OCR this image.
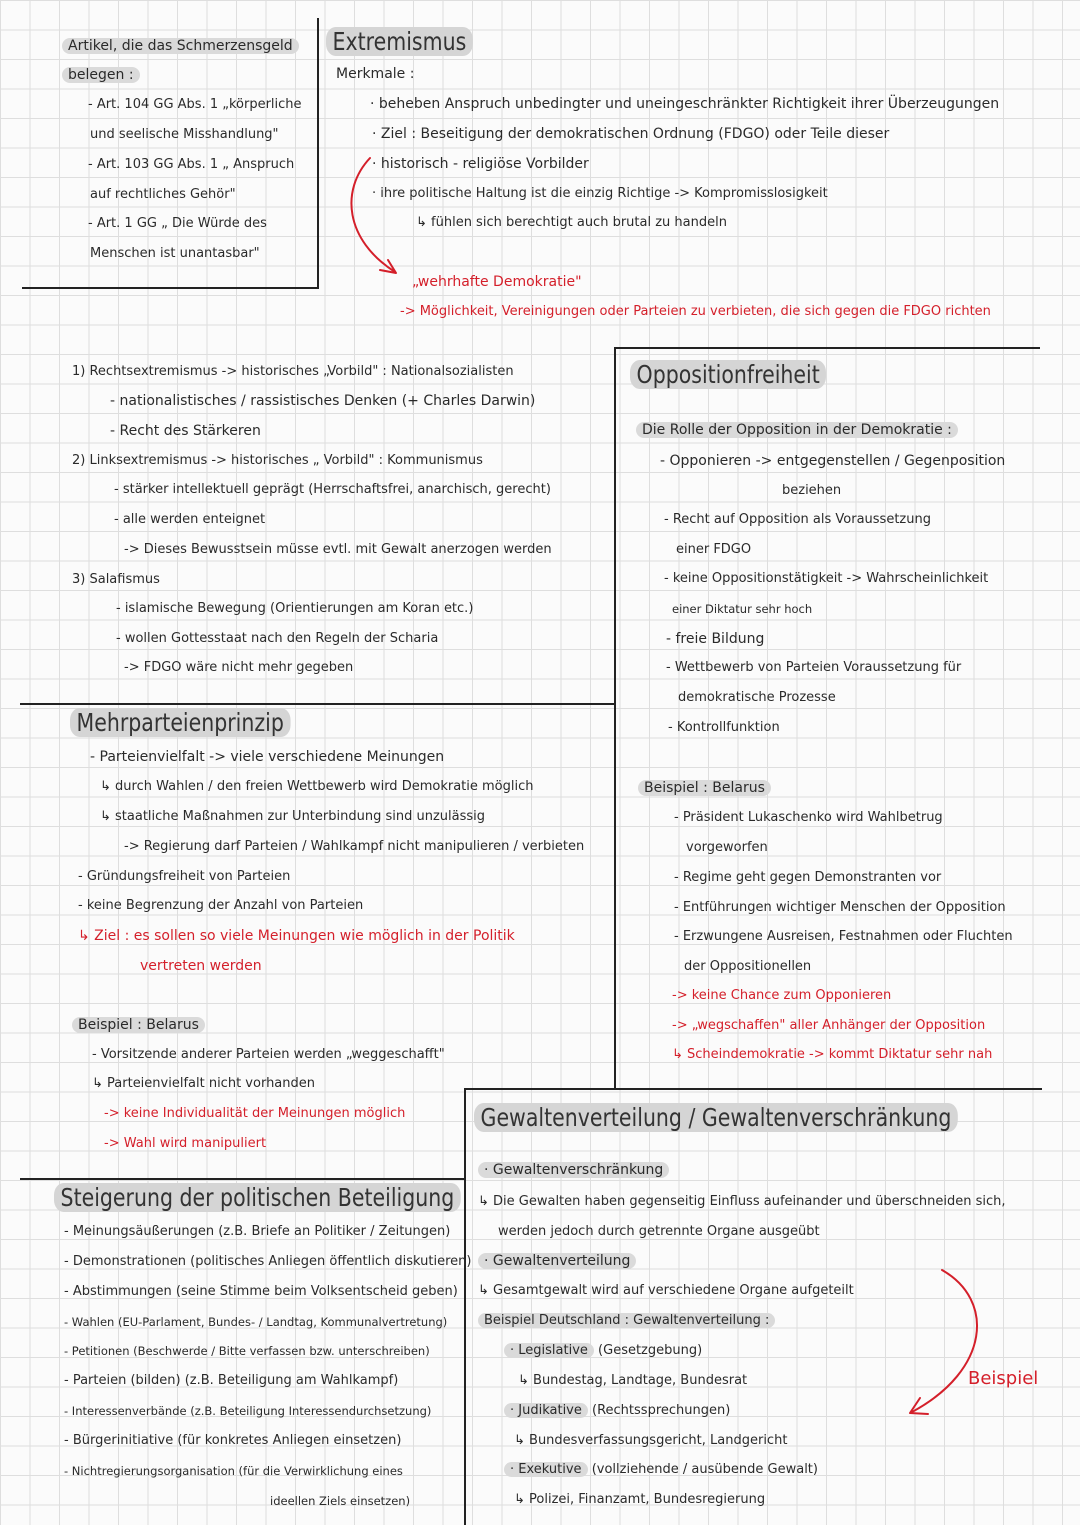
Artikel, die das Schmerzensgeld
belegen :
- Art. 104 GG Abs. 1 „körperliche
und seelische Misshandlung"
- Art. 103 GG Abs. 1 „ Anspruch
auf rechtliches Gehör"
- Art. 1 GG „ Die Würde des
Menschen ist unantasbar"
Extremismus
Merkmale :
· beheben Anspruch unbedingter und uneingeschränkter Richtigkeit ihrer Überzeugungen
· Ziel : Beseitigung der demokratischen Ordnung (FDGO) oder Teile dieser
· historisch - religiöse Vorbilder
· ihre politische Haltung ist die einzig Richtige -> Kompromisslosigkeit
↳ fühlen sich berechtigt auch brutal zu handeln
„wehrhafte Demokratie"
-> Möglichkeit, Vereinigungen oder Parteien zu verbieten, die sich gegen die FDGO richten
1) Rechtsextremismus -> historisches „Vorbild" : Nationalsozialisten
- nationalistisches / rassistisches Denken (+ Charles Darwin)
- Recht des Stärkeren
2) Linksextremismus -> historisches „ Vorbild" : Kommunismus
- stärker intellektuell geprägt (Herrschaftsfrei, anarchisch, gerecht)
- alle werden enteignet
-> Dieses Bewusstsein müsse evtl. mit Gewalt anerzogen werden
3) Salafismus
- islamische Bewegung (Orientierungen am Koran etc.)
- wollen Gottesstaat nach den Regeln der Scharia
-> FDGO wäre nicht mehr gegeben
Oppositionfreiheit
Die Rolle der Opposition in der Demokratie :
- Opponieren -> entgegenstellen / Gegenposition
beziehen
- Recht auf Opposition als Voraussetzung
einer FDGO
- keine Oppositionstätigkeit -> Wahrscheinlichkeit
einer Diktatur sehr hoch
- freie Bildung
- Wettbewerb von Parteien Voraussetzung für
demokratische Prozesse
- Kontrollfunktion
Beispiel : Belarus
- Präsident Lukaschenko wird Wahlbetrug
vorgeworfen
- Regime geht gegen Demonstranten vor
- Entführungen wichtiger Menschen der Opposition
- Erzwungene Ausreisen, Festnahmen oder Fluchten
der Oppositionellen
-> keine Chance zum Opponieren
-> „wegschaffen" aller Anhänger der Opposition
↳ Scheindemokratie -> kommt Diktatur sehr nah
Mehrparteienprinzip
- Parteienvielfalt -> viele verschiedene Meinungen
↳ durch Wahlen / den freien Wettbewerb wird Demokratie möglich
↳ staatliche Maßnahmen zur Unterbindung sind unzulässig
-> Regierung darf Parteien / Wahlkampf nicht manipulieren / verbieten
- Gründungsfreiheit von Parteien
- keine Begrenzung der Anzahl von Parteien
↳ Ziel : es sollen so viele Meinungen wie möglich in der Politik
vertreten werden
Beispiel : Belarus
- Vorsitzende anderer Parteien werden „weggeschafft"
↳ Parteienvielfalt nicht vorhanden
-> keine Individualität der Meinungen möglich
-> Wahl wird manipuliert
Steigerung der politischen Beteiligung
- Meinungsäußerungen (z.B. Briefe an Politiker / Zeitungen)
- Demonstrationen (politisches Anliegen öffentlich diskutieren)
- Abstimmungen (seine Stimme beim Volksentscheid geben)
- Wahlen (EU-Parlament, Bundes- / Landtag, Kommunalvertretung)
- Petitionen (Beschwerde / Bitte verfassen bzw. unterschreiben)
- Parteien (bilden) (z.B. Beteiligung am Wahlkampf)
- Interessenverbände (z.B. Beteiligung Interessendurchsetzung)
- Bürgerinitiative (für konkretes Anliegen einsetzen)
- Nichtregierungsorganisation (für die Verwirklichung eines
ideellen Ziels einsetzen)
Gewaltenverteilung / Gewaltenverschränkung
· Gewaltenverschränkung
↳ Die Gewalten haben gegenseitig Einfluss aufeinander und überschneiden sich,
werden jedoch durch getrennte Organe ausgeübt
· Gewaltenverteilung
↳ Gesamtgewalt wird auf verschiedene Organe aufgeteilt
Beispiel Deutschland : Gewaltenverteilung :
· Legislative (Gesetzgebung)
↳ Bundestag, Landtage, Bundesrat
· Judikative (Rechtssprechungen)
↳ Bundesverfassungsgericht, Landgericht
· Exekutive (vollziehende / ausübende Gewalt)
↳ Polizei, Finanzamt, Bundesregierung
Beispiel
